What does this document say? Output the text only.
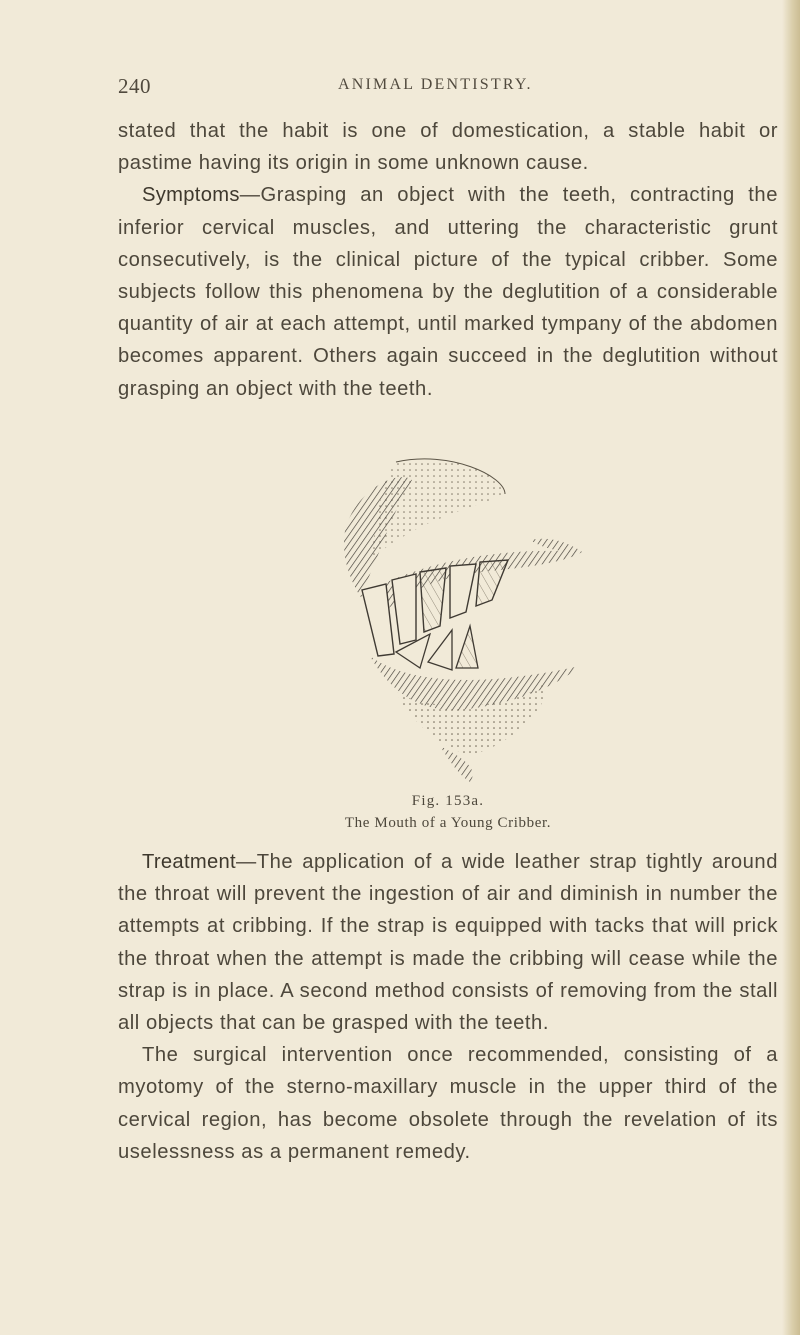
240	ANIMAL DENTISTRY.

stated that the habit is one of domestication, a stable habit or pastime having its origin in some unknown cause.

Symptoms—Grasping an object with the teeth, contracting the inferior cervical muscles, and uttering the characteristic grunt consecutively, is the clinical picture of the typical cribber. Some subjects follow this phenomena by the deglutition of a considerable quantity of air at each attempt, until marked tympany of the abdomen becomes apparent. Others again succeed in the deglutition without grasping an object with the teeth.

Fig. 153a.
The Mouth of a Young Cribber.

Treatment—The application of a wide leather strap tightly around the throat will prevent the ingestion of air and diminish in number the attempts at cribbing. If the strap is equipped with tacks that will prick the throat when the attempt is made the cribbing will cease while the strap is in place. A second method consists of removing from the stall all objects that can be grasped with the teeth.

The surgical intervention once recommended, consisting of a myotomy of the sterno-maxillary muscle in the upper third of the cervical region, has become obsolete through the revelation of its uselessness as a permanent remedy.
